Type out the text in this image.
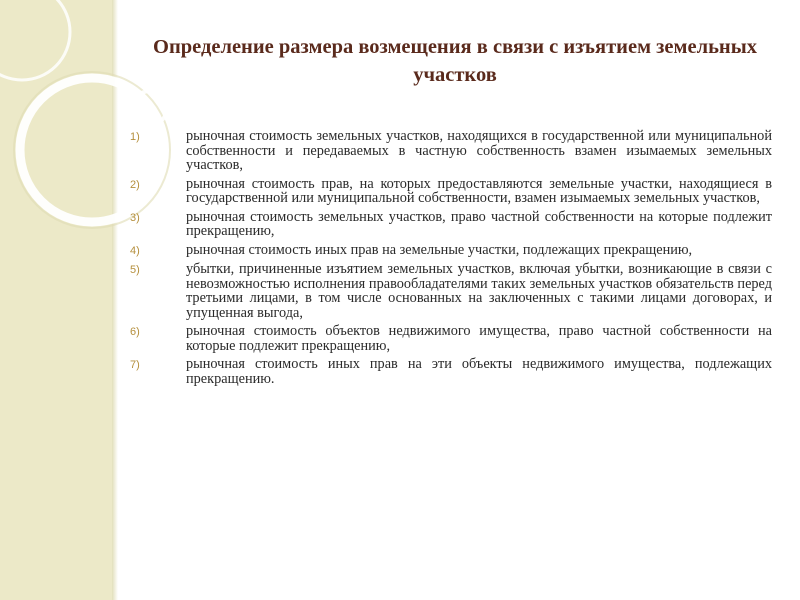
Определение размера возмещения в связи с изъятием земельных участков
1)	рыночная стоимость земельных участков, находящихся в государственной или муниципальной собственности и передаваемых в частную собственность взамен изымаемых земельных участков,
2)	рыночная стоимость прав, на которых предоставляются земельные участки, находящиеся в государственной или муниципальной собственности, взамен изымаемых земельных участков,
3)	рыночная стоимость земельных участков, право частной собственности на которые подлежит прекращению,
4)	рыночная стоимость иных прав на земельные участки, подлежащих прекращению,
5)	убытки, причиненные изъятием земельных участков, включая убытки, возникающие в связи с невозможностью исполнения правообладателями таких земельных участков обязательств перед третьими лицами, в том числе основанных на заключенных с такими лицами договорах, и упущенная выгода,
6)	рыночная стоимость объектов недвижимого имущества, право частной собственности на которые подлежит прекращению,
7)	рыночная стоимость иных прав на эти объекты недвижимого имущества, подлежащих прекращению.
